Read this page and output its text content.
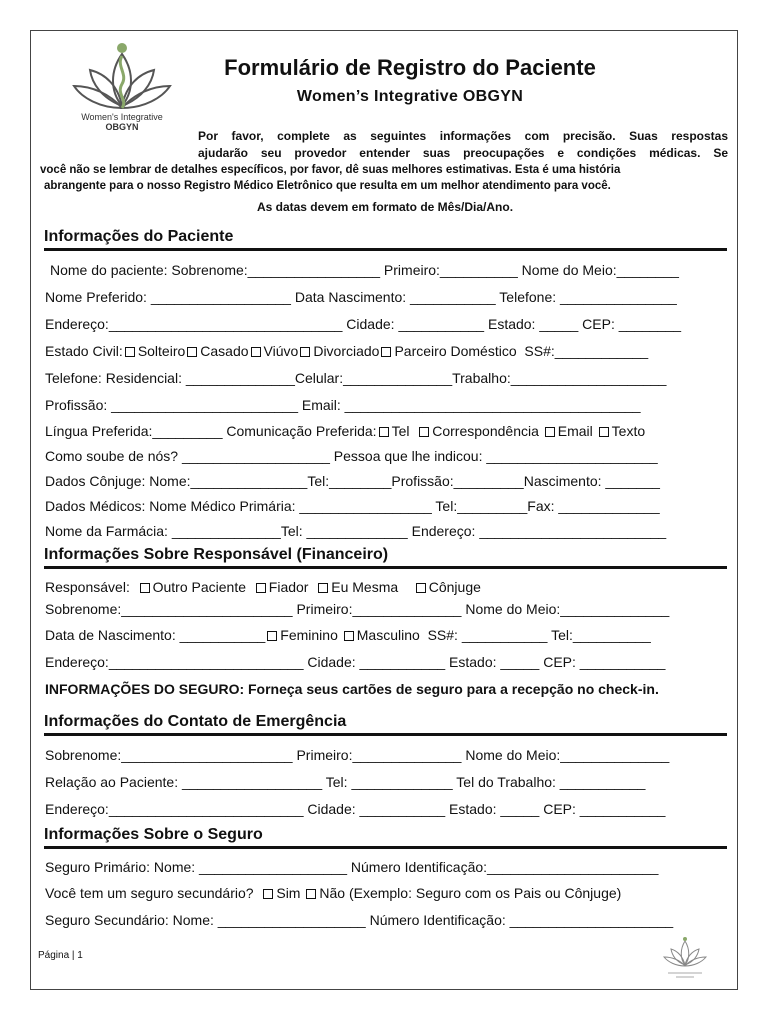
Women's Integrative
OBGYN
Formulário de Registro do Paciente
Women’s Integrative OBGYN
Por favor, complete as seguintes informações com precisão. Suas respostas
ajudarão seu provedor entender suas preocupações e condições médicas. Se
você não se lembrar de detalhes específicos, por favor, dê suas melhores estimativas. Esta é uma história
abrangente para o nosso Registro Médico Eletrônico que resulta em um melhor atendimento para você.
As datas devem em formato de Mês/Dia/Ano.
Informações do Paciente
Nome do paciente: Sobrenome:_________________ Primeiro:__________ Nome do Meio:________
Nome Preferido: __________________ Data Nascimento: ___________ Telefone: _______________
Endereço:______________________________ Cidade: ___________ Estado: _____ CEP: ________
Estado Civil: Solteiro Casado Viúvo Divorciado Parceiro Doméstico SS#:____________
Telefone: Residencial: ______________Celular:______________Trabalho:____________________
Profissão: ________________________ Email: ______________________________________
Língua Preferida:_________ Comunicação Preferida: Tel Correspondência Email Texto
Como soube de nós? ___________________ Pessoa que lhe indicou: ______________________
Dados Cônjuge: Nome:_______________Tel:________Profissão:_________Nascimento: _______
Dados Médicos: Nome Médico Primária: _________________ Tel:_________Fax: _____________
Nome da Farmácia: ______________Tel: _____________ Endereço: ________________________
Informações Sobre Responsável (Financeiro)
Responsável: Outro Paciente Fiador Eu Mesma Cônjuge
Sobrenome:______________________ Primeiro:______________ Nome do Meio:______________
Data de Nascimento: ___________ Feminino Masculino SS#: ___________ Tel:__________
Endereço:_________________________ Cidade: ___________ Estado: _____ CEP: ___________
INFORMAÇÕES DO SEGURO: Forneça seus cartões de seguro para a recepção no check-in.
Informações do Contato de Emergência
Sobrenome:______________________ Primeiro:______________ Nome do Meio:______________
Relação ao Paciente: __________________ Tel: _____________ Tel do Trabalho: ___________
Endereço:_________________________ Cidade: ___________ Estado: _____ CEP: ___________
Informações Sobre o Seguro
Seguro Primário: Nome: ___________________ Número Identificação:______________________
Você tem um seguro secundário? Sim Não (Exemplo: Seguro com os Pais ou Cônjuge)
Seguro Secundário: Nome: ___________________ Número Identificação: _____________________
Página | 1
